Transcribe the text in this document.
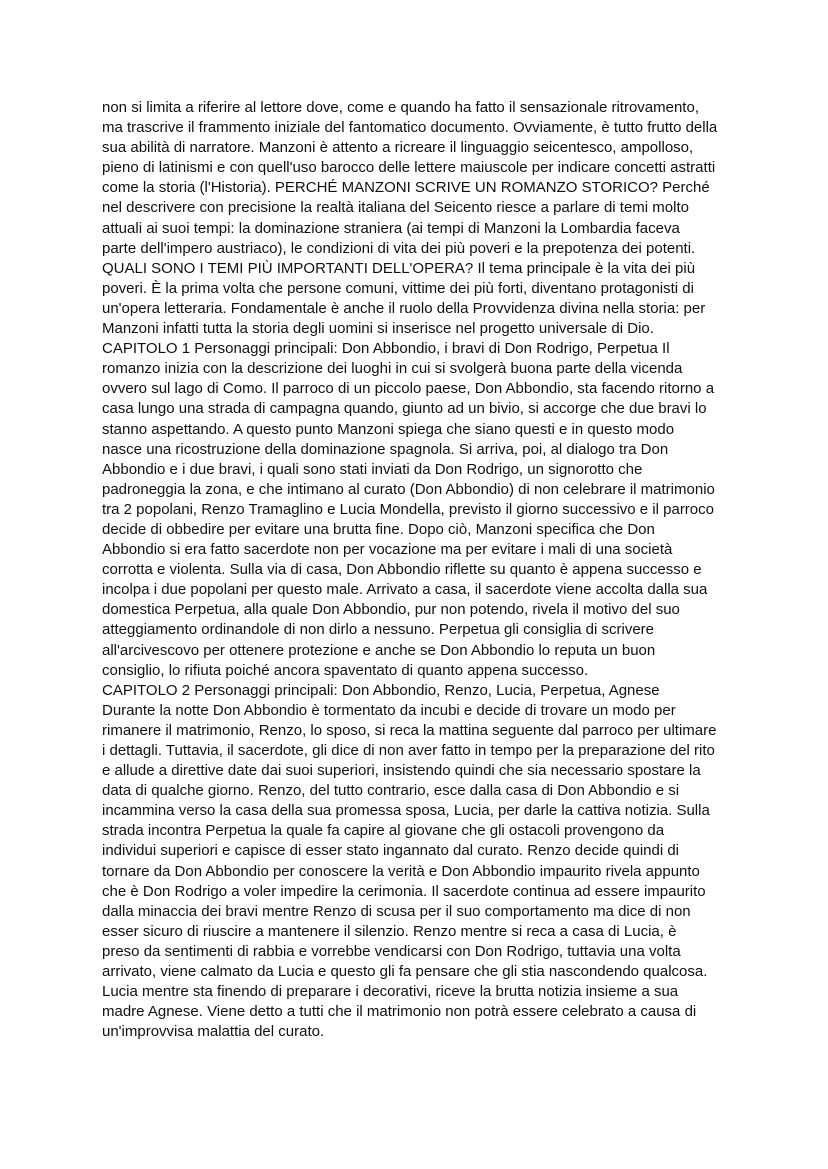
non si limita a riferire al lettore dove, come e quando ha fatto il sensazionale ritrovamento,
ma trascrive il frammento iniziale del fantomatico documento. Ovviamente, è tutto frutto della
sua abilità di narratore. Manzoni è attento a ricreare il linguaggio seicentesco, ampolloso,
pieno di latinismi e con quell'uso barocco delle lettere maiuscole per indicare concetti astratti
come la storia (l'Historia). PERCHÉ MANZONI SCRIVE UN ROMANZO STORICO? Perché
nel descrivere con precisione la realtà italiana del Seicento riesce a parlare di temi molto
attuali ai suoi tempi: la dominazione straniera (ai tempi di Manzoni la Lombardia faceva
parte dell'impero austriaco), le condizioni di vita dei più poveri e la prepotenza dei potenti.
QUALI SONO I TEMI PIÙ IMPORTANTI DELL'OPERA? Il tema principale è la vita dei più
poveri. È la prima volta che persone comuni, vittime dei più forti, diventano protagonisti di
un'opera letteraria. Fondamentale è anche il ruolo della Provvidenza divina nella storia: per
Manzoni infatti tutta la storia degli uomini si inserisce nel progetto universale di Dio.
CAPITOLO 1 Personaggi principali: Don Abbondio, i bravi di Don Rodrigo, Perpetua Il
romanzo inizia con la descrizione dei luoghi in cui si svolgerà buona parte della vicenda
ovvero sul lago di Como. Il parroco di un piccolo paese, Don Abbondio, sta facendo ritorno a
casa lungo una strada di campagna quando, giunto ad un bivio, si accorge che due bravi lo
stanno aspettando. A questo punto Manzoni spiega che siano questi e in questo modo
nasce una ricostruzione della dominazione spagnola. Si arriva, poi, al dialogo tra Don
Abbondio e i due bravi, i quali sono stati inviati da Don Rodrigo, un signorotto che
padroneggia la zona, e che intimano al curato (Don Abbondio) di non celebrare il matrimonio
tra 2 popolani, Renzo Tramaglino e Lucia Mondella, previsto il giorno successivo e il parroco
decide di obbedire per evitare una brutta fine. Dopo ciò, Manzoni specifica che Don
Abbondio si era fatto sacerdote non per vocazione ma per evitare i mali di una società
corrotta e violenta. Sulla via di casa, Don Abbondio riflette su quanto è appena successo e
incolpa i due popolani per questo male. Arrivato a casa, il sacerdote viene accolta dalla sua
domestica Perpetua, alla quale Don Abbondio, pur non potendo, rivela il motivo del suo
atteggiamento ordinandole di non dirlo a nessuno. Perpetua gli consiglia di scrivere
all'arcivescovo per ottenere protezione e anche se Don Abbondio lo reputa un buon
consiglio, lo rifiuta poiché ancora spaventato di quanto appena successo.
CAPITOLO 2 Personaggi principali: Don Abbondio, Renzo, Lucia, Perpetua, Agnese
Durante la notte Don Abbondio è tormentato da incubi e decide di trovare un modo per
rimanere il matrimonio, Renzo, lo sposo, si reca la mattina seguente dal parroco per ultimare
i dettagli. Tuttavia, il sacerdote, gli dice di non aver fatto in tempo per la preparazione del rito
e allude a direttive date dai suoi superiori, insistendo quindi che sia necessario spostare la
data di qualche giorno. Renzo, del tutto contrario, esce dalla casa di Don Abbondio e si
incammina verso la casa della sua promessa sposa, Lucia, per darle la cattiva notizia. Sulla
strada incontra Perpetua la quale fa capire al giovane che gli ostacoli provengono da
individui superiori e capisce di esser stato ingannato dal curato. Renzo decide quindi di
tornare da Don Abbondio per conoscere la verità e Don Abbondio impaurito rivela appunto
che è Don Rodrigo a voler impedire la cerimonia. Il sacerdote continua ad essere impaurito
dalla minaccia dei bravi mentre Renzo di scusa per il suo comportamento ma dice di non
esser sicuro di riuscire a mantenere il silenzio. Renzo mentre si reca a casa di Lucia, è
preso da sentimenti di rabbia e vorrebbe vendicarsi con Don Rodrigo, tuttavia una volta
arrivato, viene calmato da Lucia e questo gli fa pensare che gli stia nascondendo qualcosa.
Lucia mentre sta finendo di preparare i decorativi, riceve la brutta notizia insieme a sua
madre Agnese. Viene detto a tutti che il matrimonio non potrà essere celebrato a causa di
un'improvvisa malattia del curato.
